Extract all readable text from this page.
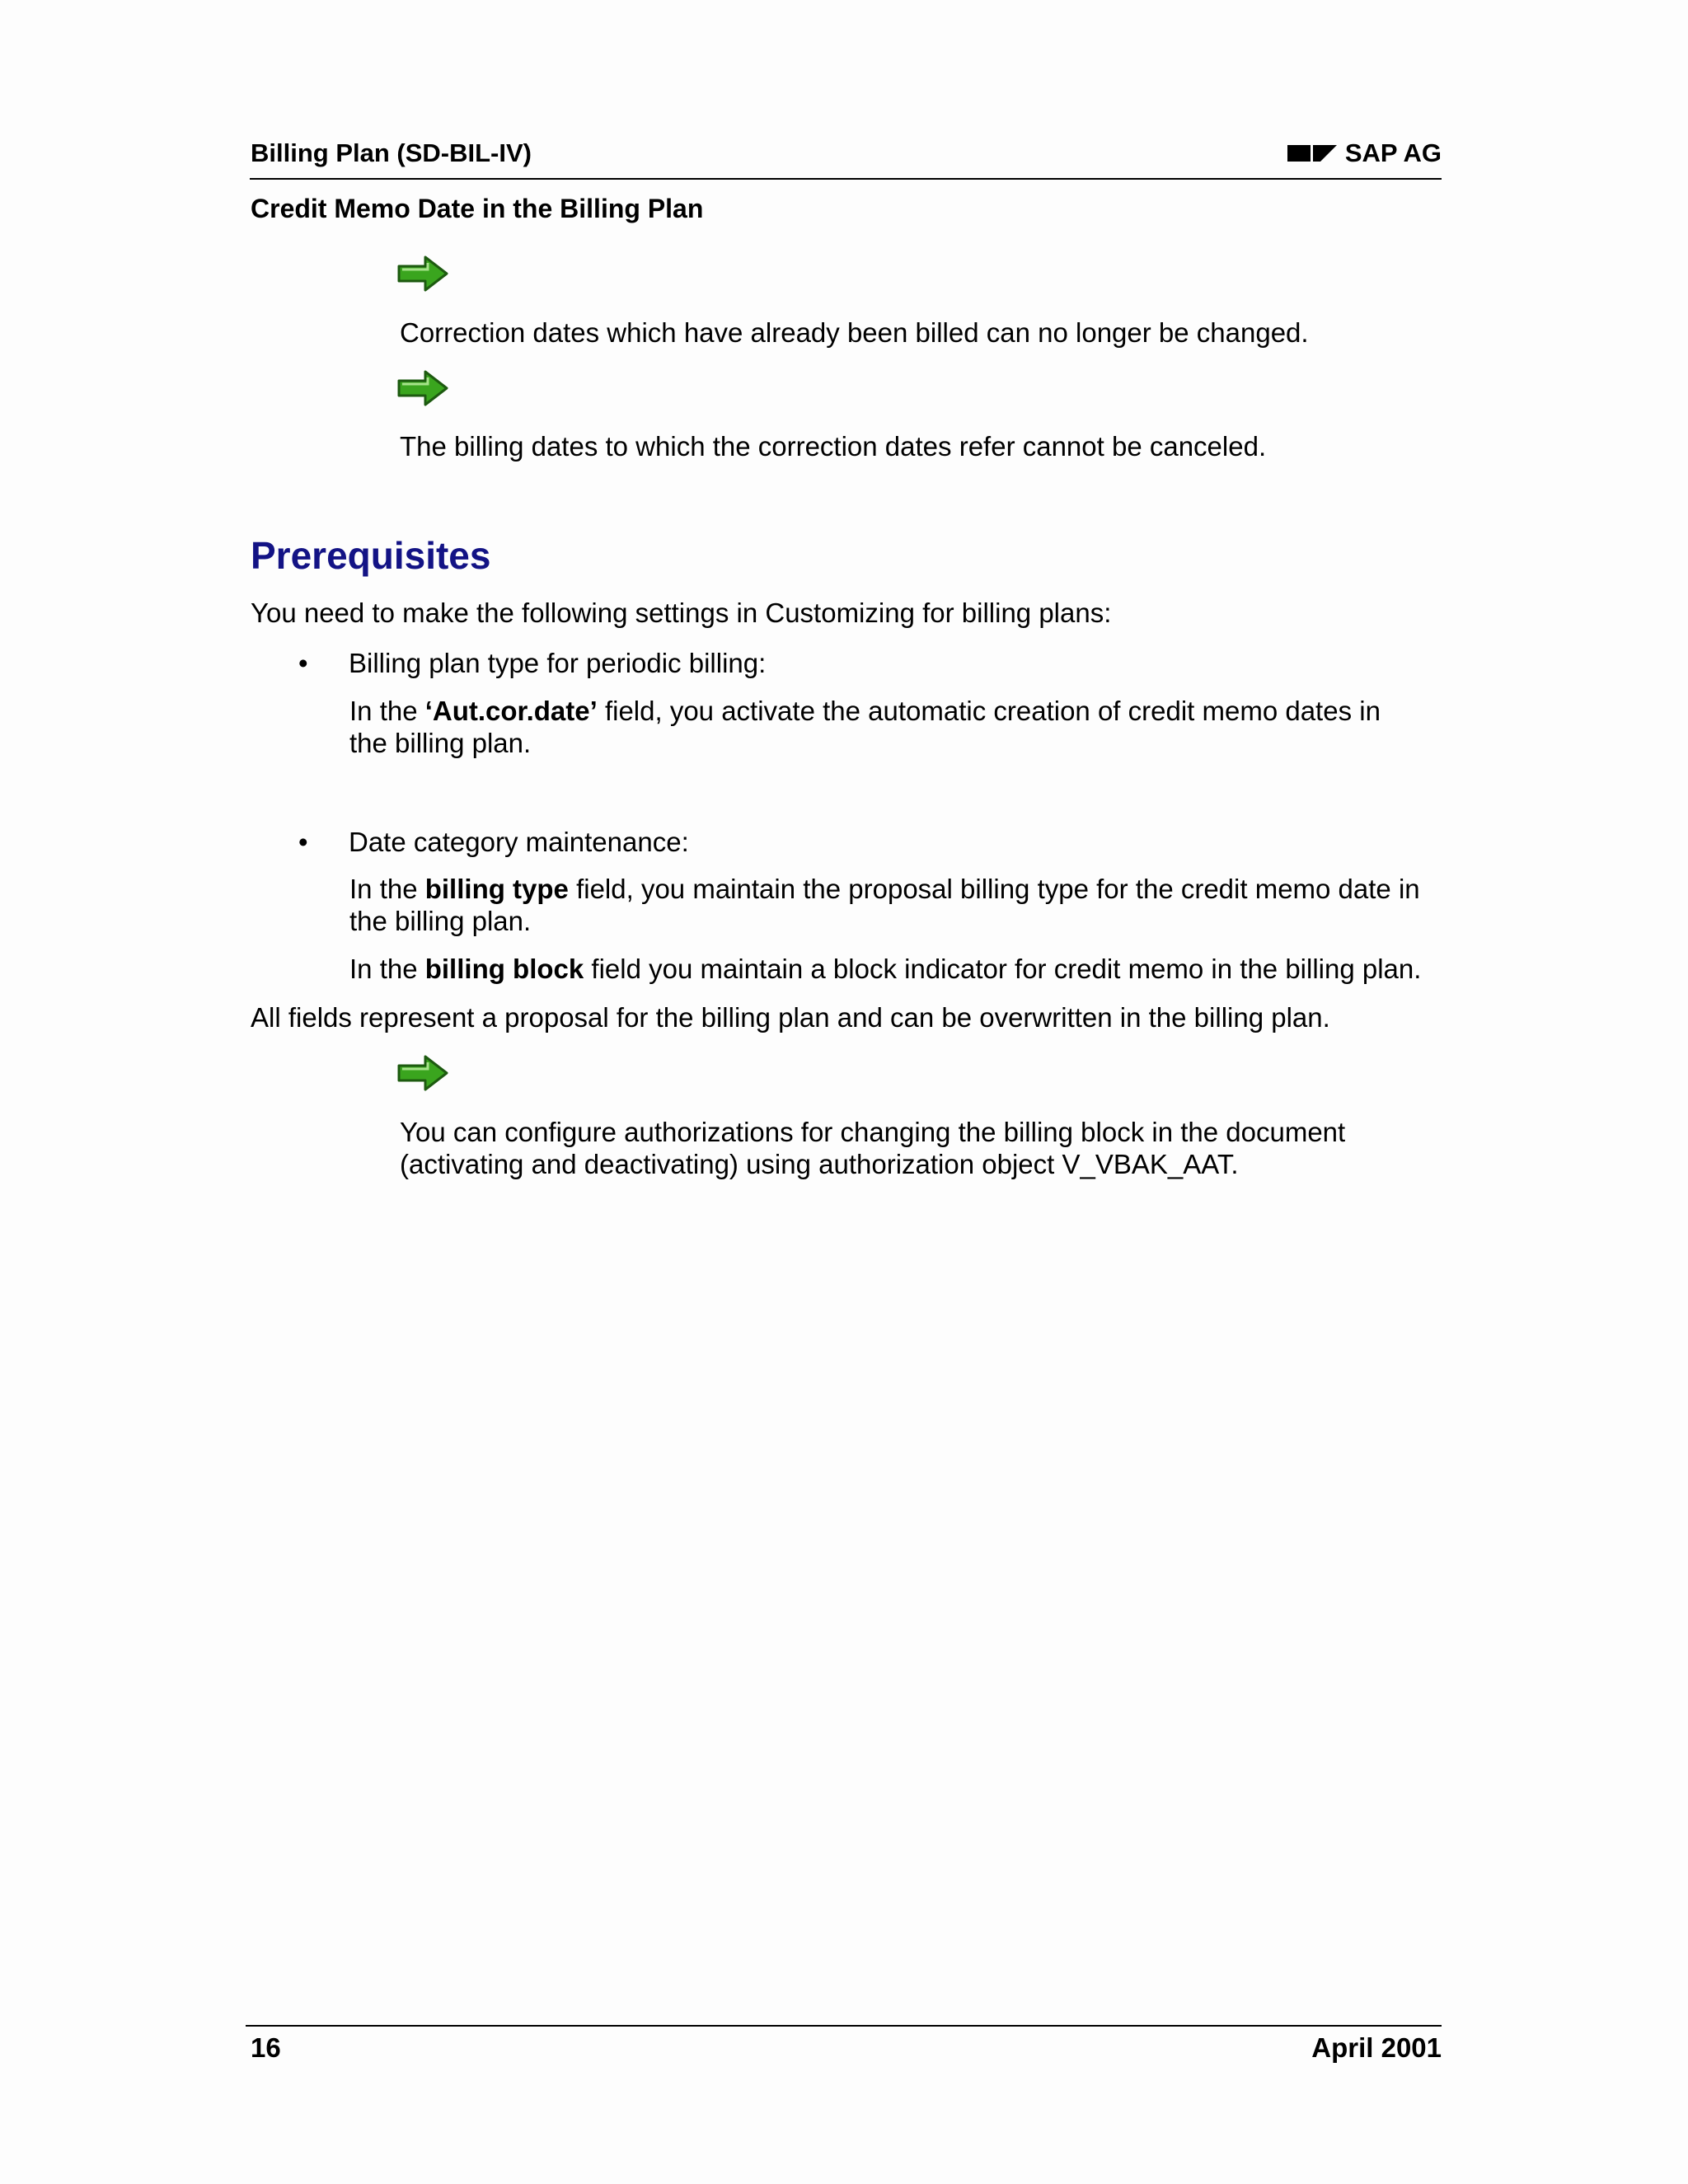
Billing Plan (SD-BIL-IV)	SAP AG
Credit Memo Date in the Billing Plan
Correction dates which have already been billed can no longer be changed.
The billing dates to which the correction dates refer cannot be canceled.
Prerequisites
You need to make the following settings in Customizing for billing plans:
• Billing plan type for periodic billing:
In the ‘Aut.cor.date’ field, you activate the automatic creation of credit memo dates in
the billing plan.
• Date category maintenance:
In the billing type field, you maintain the proposal billing type for the credit memo date in
the billing plan.
In the billing block field you maintain a block indicator for credit memo in the billing plan.
All fields represent a proposal for the billing plan and can be overwritten in the billing plan.
You can configure authorizations for changing the billing block in the document
(activating and deactivating) using authorization object V_VBAK_AAT.
16	April 2001
